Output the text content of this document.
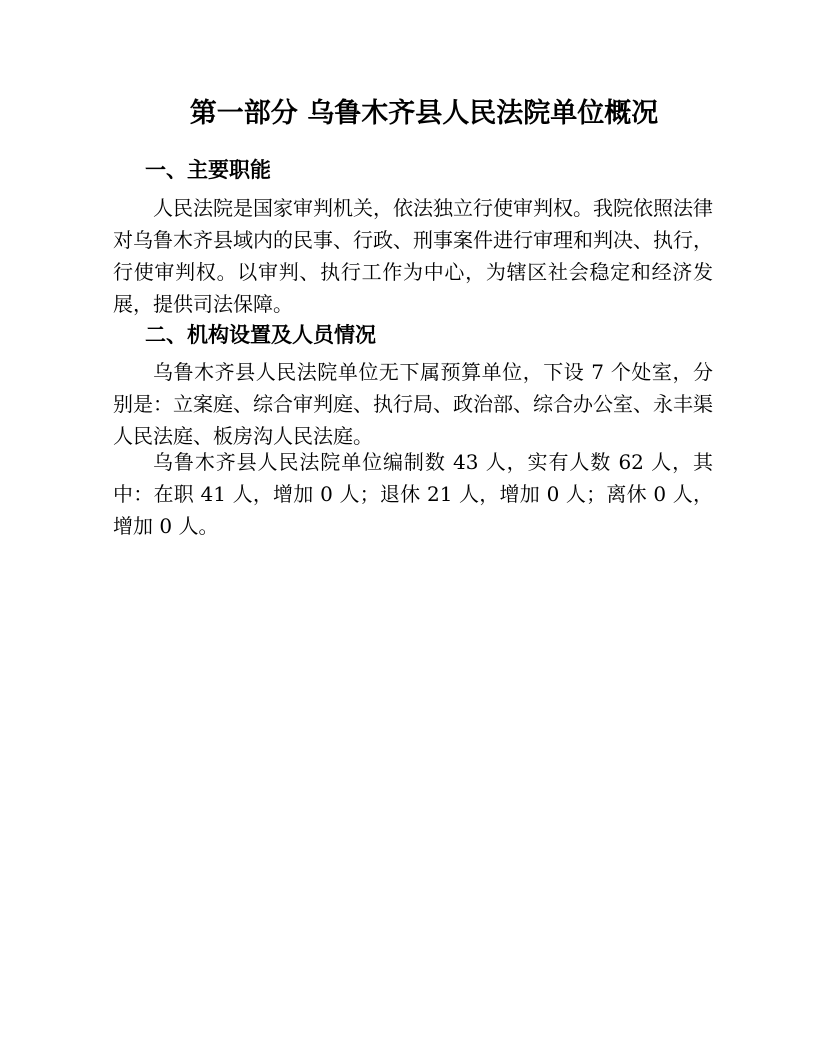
第一部分 乌鲁木齐县人民法院单位概况
一、主要职能

人民法院是国家审判机关，依法独立行使审判权。我院依照法律对乌鲁木齐县域内的民事、行政、刑事案件进行审理和判决、执行，行使审判权。以审判、执行工作为中心，为辖区社会稳定和经济发展，提供司法保障。

二、机构设置及人员情况

乌鲁木齐县人民法院单位无下属预算单位，下设 7 个处室，分别是：立案庭、综合审判庭、执行局、政治部、综合办公室、永丰渠人民法庭、板房沟人民法庭。

乌鲁木齐县人民法院单位编制数 43 人，实有人数 62 人，其中：在职 41 人，增加 0 人；退休 21 人，增加 0 人；离休 0 人，增加 0 人。
